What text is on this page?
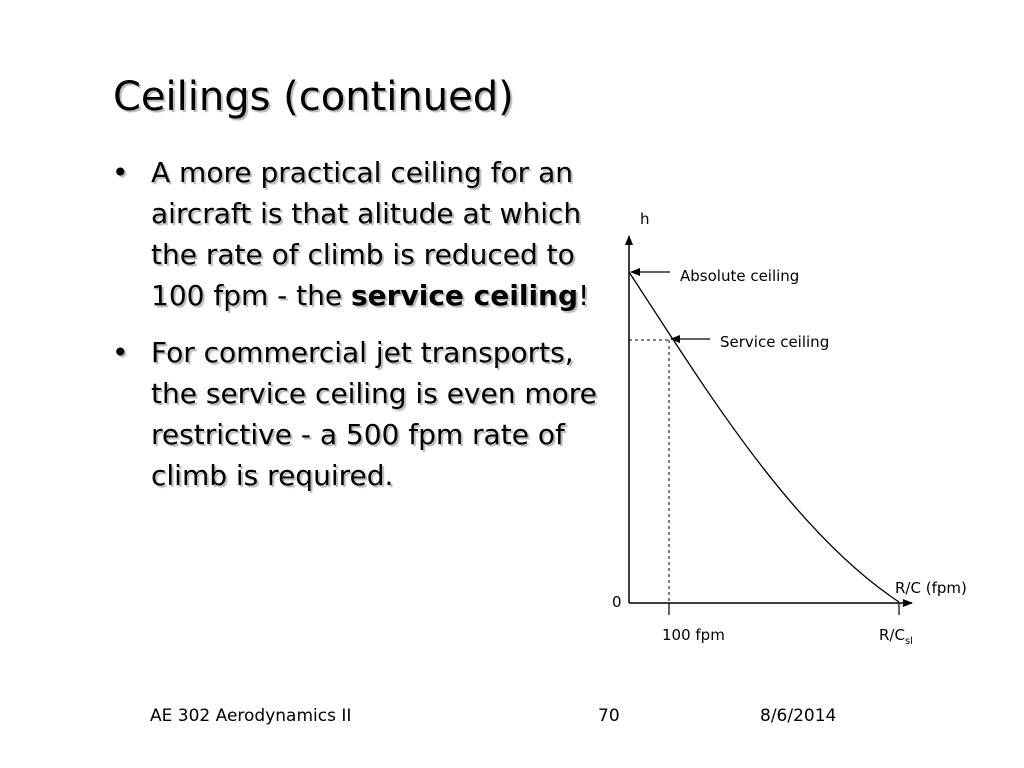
Ceilings (continued)
• A more practical ceiling for an aircraft is that alitude at which the rate of climb is reduced to 100 fpm - the service ceiling!
• For commercial jet transports, the service ceiling is even more restrictive - a 500 fpm rate of climb is required.
h
Absolute ceiling
Service ceiling
R/C (fpm)
0
100 fpm	$R/C_{sl}$
AE 302 Aerodynamics II	70	8/6/2014
